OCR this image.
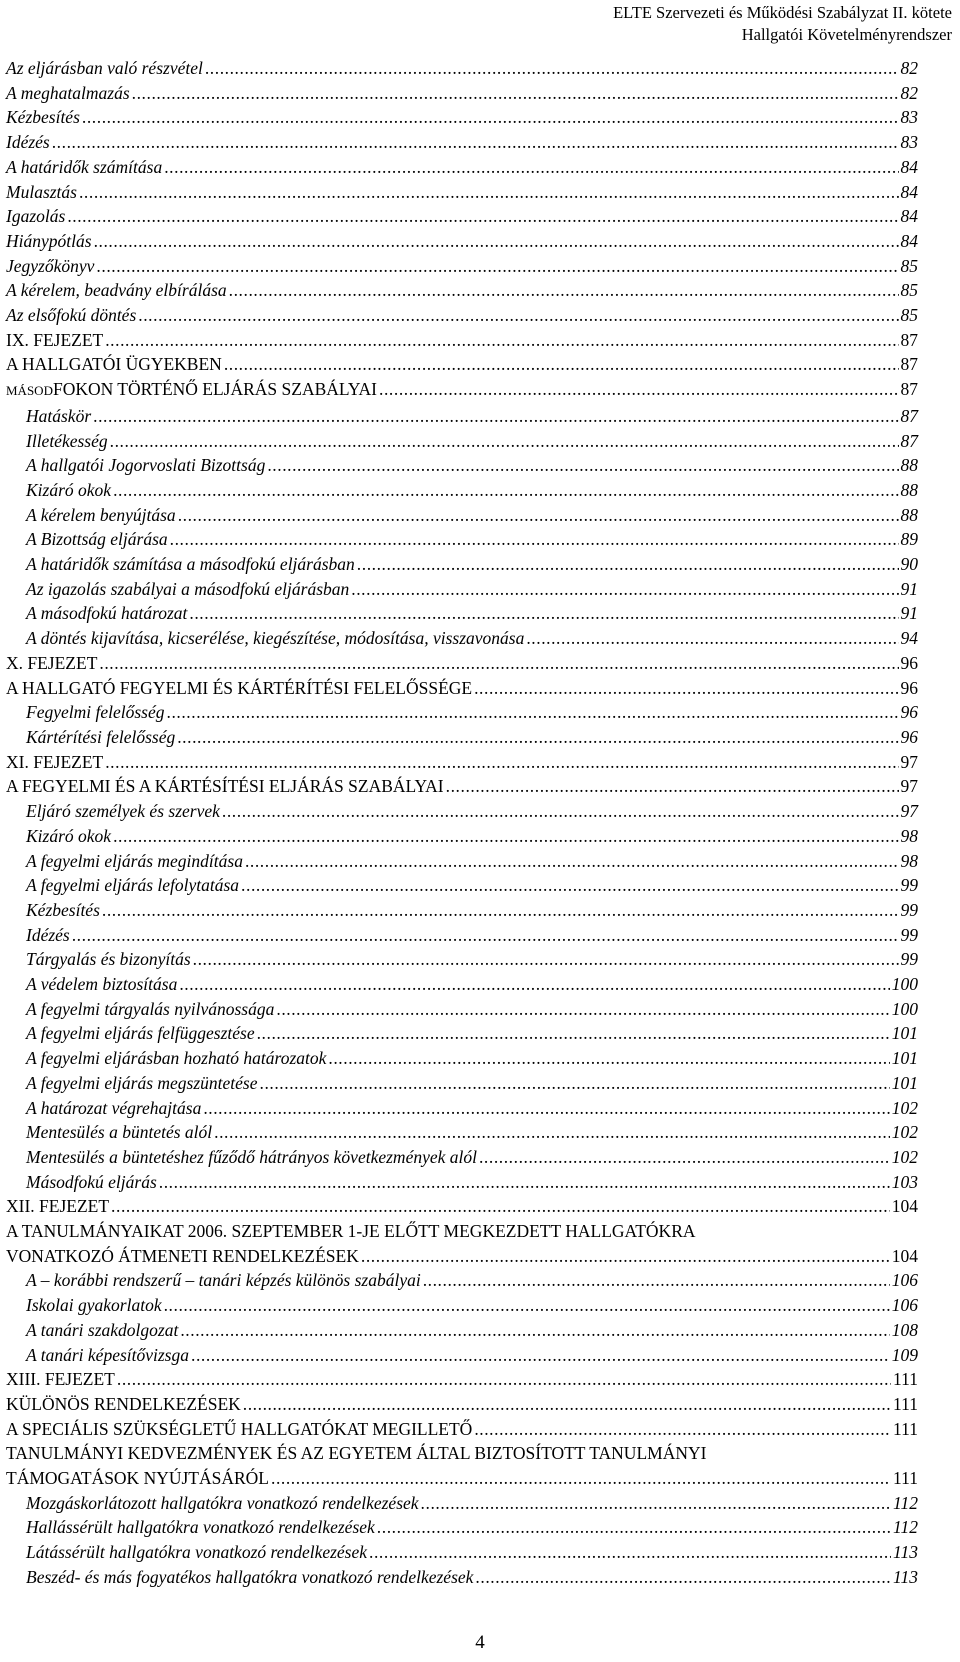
ELTE Szervezeti és Működési Szabályzat II. kötete
Hallgatói Követelményrendszer
Az eljárásban való részvétel . . .	82
A meghatalmazás . . .	82
Kézbesítés . . .	83
Idézés . . .	83
A határidők számítása . . .	84
Mulasztás . . .	84
Igazolás . . .	84
Hiánypótlás . . .	84
Jegyzőkönyv . . .	85
A kérelem, beadvány elbírálása . . .	85
Az elsőfokú döntés . . .	85
IX. FEJEZET . . .	87
A HALLGATÓI ÜGYEKBEN . . .	87
MÁSODFOKON TÖRTÉNŐ ELJÁRÁS SZABÁLYAI . . .	87
Hatáskör . . .	87
Illetékesség . . .	87
A hallgatói Jogorvoslati Bizottság . . .	88
Kizáró okok . . .	88
A kérelem benyújtása . . .	88
A Bizottság eljárása . . .	89
A határidők számítása a másodfokú eljárásban . . .	90
Az igazolás szabályai a másodfokú eljárásban . . .	91
A másodfokú határozat . . .	91
A döntés kijavítása, kicserélése, kiegészítése, módosítása, visszavonása . . .	94
X. FEJEZET . . .	96
A HALLGATÓ FEGYELMI ÉS KÁRTÉRÍTÉSI FELELŐSSÉGE . . .	96
Fegyelmi felelősség . . .	96
Kártérítési felelősség . . .	96
XI. FEJEZET . . .	97
A FEGYELMI ÉS A KÁRTÉSÍTÉSI ELJÁRÁS SZABÁLYAI . . .	97
Eljáró személyek és szervek . . .	97
Kizáró okok . . .	98
A fegyelmi eljárás megindítása . . .	98
A fegyelmi eljárás lefolytatása . . .	99
Kézbesítés . . .	99
Idézés . . .	99
Tárgyalás és bizonyítás . . .	99
A védelem biztosítása . . .	100
A fegyelmi tárgyalás nyilvánossága . . .	100
A fegyelmi eljárás felfüggesztése . . .	101
A fegyelmi eljárásban hozható határozatok . . .	101
A fegyelmi eljárás megszüntetése . . .	101
A határozat végrehajtása . . .	102
Mentesülés a büntetés alól . . .	102
Mentesülés a büntetéshez fűződő hátrányos következmények alól . . .	102
Másodfokú eljárás . . .	103
XII. FEJEZET . . .	104
A TANULMÁNYAIKAT 2006. SZEPTEMBER 1-JE ELŐTT MEGKEZDETT HALLGATÓKRA
VONATKOZÓ ÁTMENETI RENDELKEZÉSEK . . .	104
A – korábbi rendszerű – tanári képzés különös szabályai . . .	106
Iskolai gyakorlatok . . .	106
A tanári szakdolgozat . . .	108
A tanári képesítővizsga . . .	109
XIII. FEJEZET . . .	111
KÜLÖNÖS RENDELKEZÉSEK . . .	111
A SPECIÁLIS SZÜKSÉGLETŰ HALLGATÓKAT MEGILLETŐ . . .	111
TANULMÁNYI KEDVEZMÉNYEK ÉS AZ EGYETEM ÁLTAL BIZTOSÍTOTT TANULMÁNYI
TÁMOGATÁSOK NYÚJTÁSÁRÓL . . .	111
Mozgáskorlátozott hallgatókra vonatkozó rendelkezések . . .	112
Hallássérült hallgatókra vonatkozó rendelkezések . . .	112
Látássérült hallgatókra vonatkozó rendelkezések . . .	113
Beszéd- és más fogyatékos hallgatókra vonatkozó rendelkezések . . .	113
4
